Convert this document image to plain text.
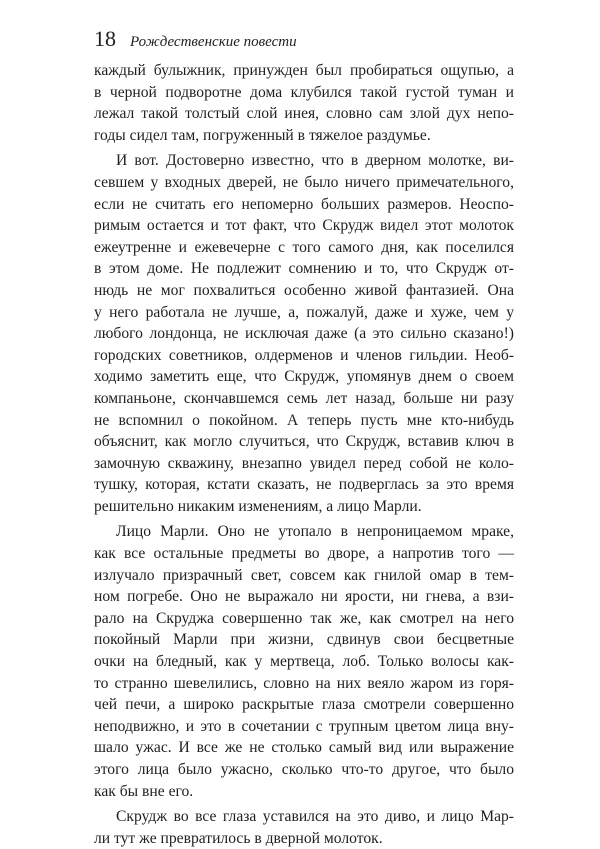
18 Рождественские повести
каждый булыжник, принужден был пробираться ощупью, а
в черной подворотне дома клубился такой густой туман и
лежал такой толстый слой инея, словно сам злой дух непо-
годы сидел там, погруженный в тяжелое раздумье.
И вот. Достоверно известно, что в дверном молотке, ви-
севшем у входных дверей, не было ничего примечательного,
если не считать его непомерно больших размеров. Неоспо-
римым остается и тот факт, что Скрудж видел этот молоток
ежеутренне и ежевечерне с того самого дня, как поселился
в этом доме. Не подлежит сомнению и то, что Скрудж от-
нюдь не мог похвалиться особенно живой фантазией. Она
у него работала не лучше, а, пожалуй, даже и хуже, чем у
любого лондонца, не исключая даже (а это сильно сказано!)
городских советников, олдерменов и членов гильдии. Необ-
ходимо заметить еще, что Скрудж, упомянув днем о своем
компаньоне, скончавшемся семь лет назад, больше ни разу
не вспомнил о покойном. А теперь пусть мне кто-нибудь
объяснит, как могло случиться, что Скрудж, вставив ключ в
замочную скважину, внезапно увидел перед собой не коло-
тушку, которая, кстати сказать, не подверглась за это время
решительно никаким изменениям, а лицо Марли.
Лицо Марли. Оно не утопало в непроницаемом мраке,
как все остальные предметы во дворе, а напротив того —
излучало призрачный свет, совсем как гнилой омар в тем-
ном погребе. Оно не выражало ни ярости, ни гнева, а взи-
рало на Скруджа совершенно так же, как смотрел на него
покойный Марли при жизни, сдвинув свои бесцветные
очки на бледный, как у мертвеца, лоб. Только волосы как-
то странно шевелились, словно на них веяло жаром из горя-
чей печи, а широко раскрытые глаза смотрели совершенно
неподвижно, и это в сочетании с трупным цветом лица вну-
шало ужас. И все же не столько самый вид или выражение
этого лица было ужасно, сколько что-то другое, что было
как бы вне его.
Скрудж во все глаза уставился на это диво, и лицо Мар-
ли тут же превратилось в дверной молоток.
